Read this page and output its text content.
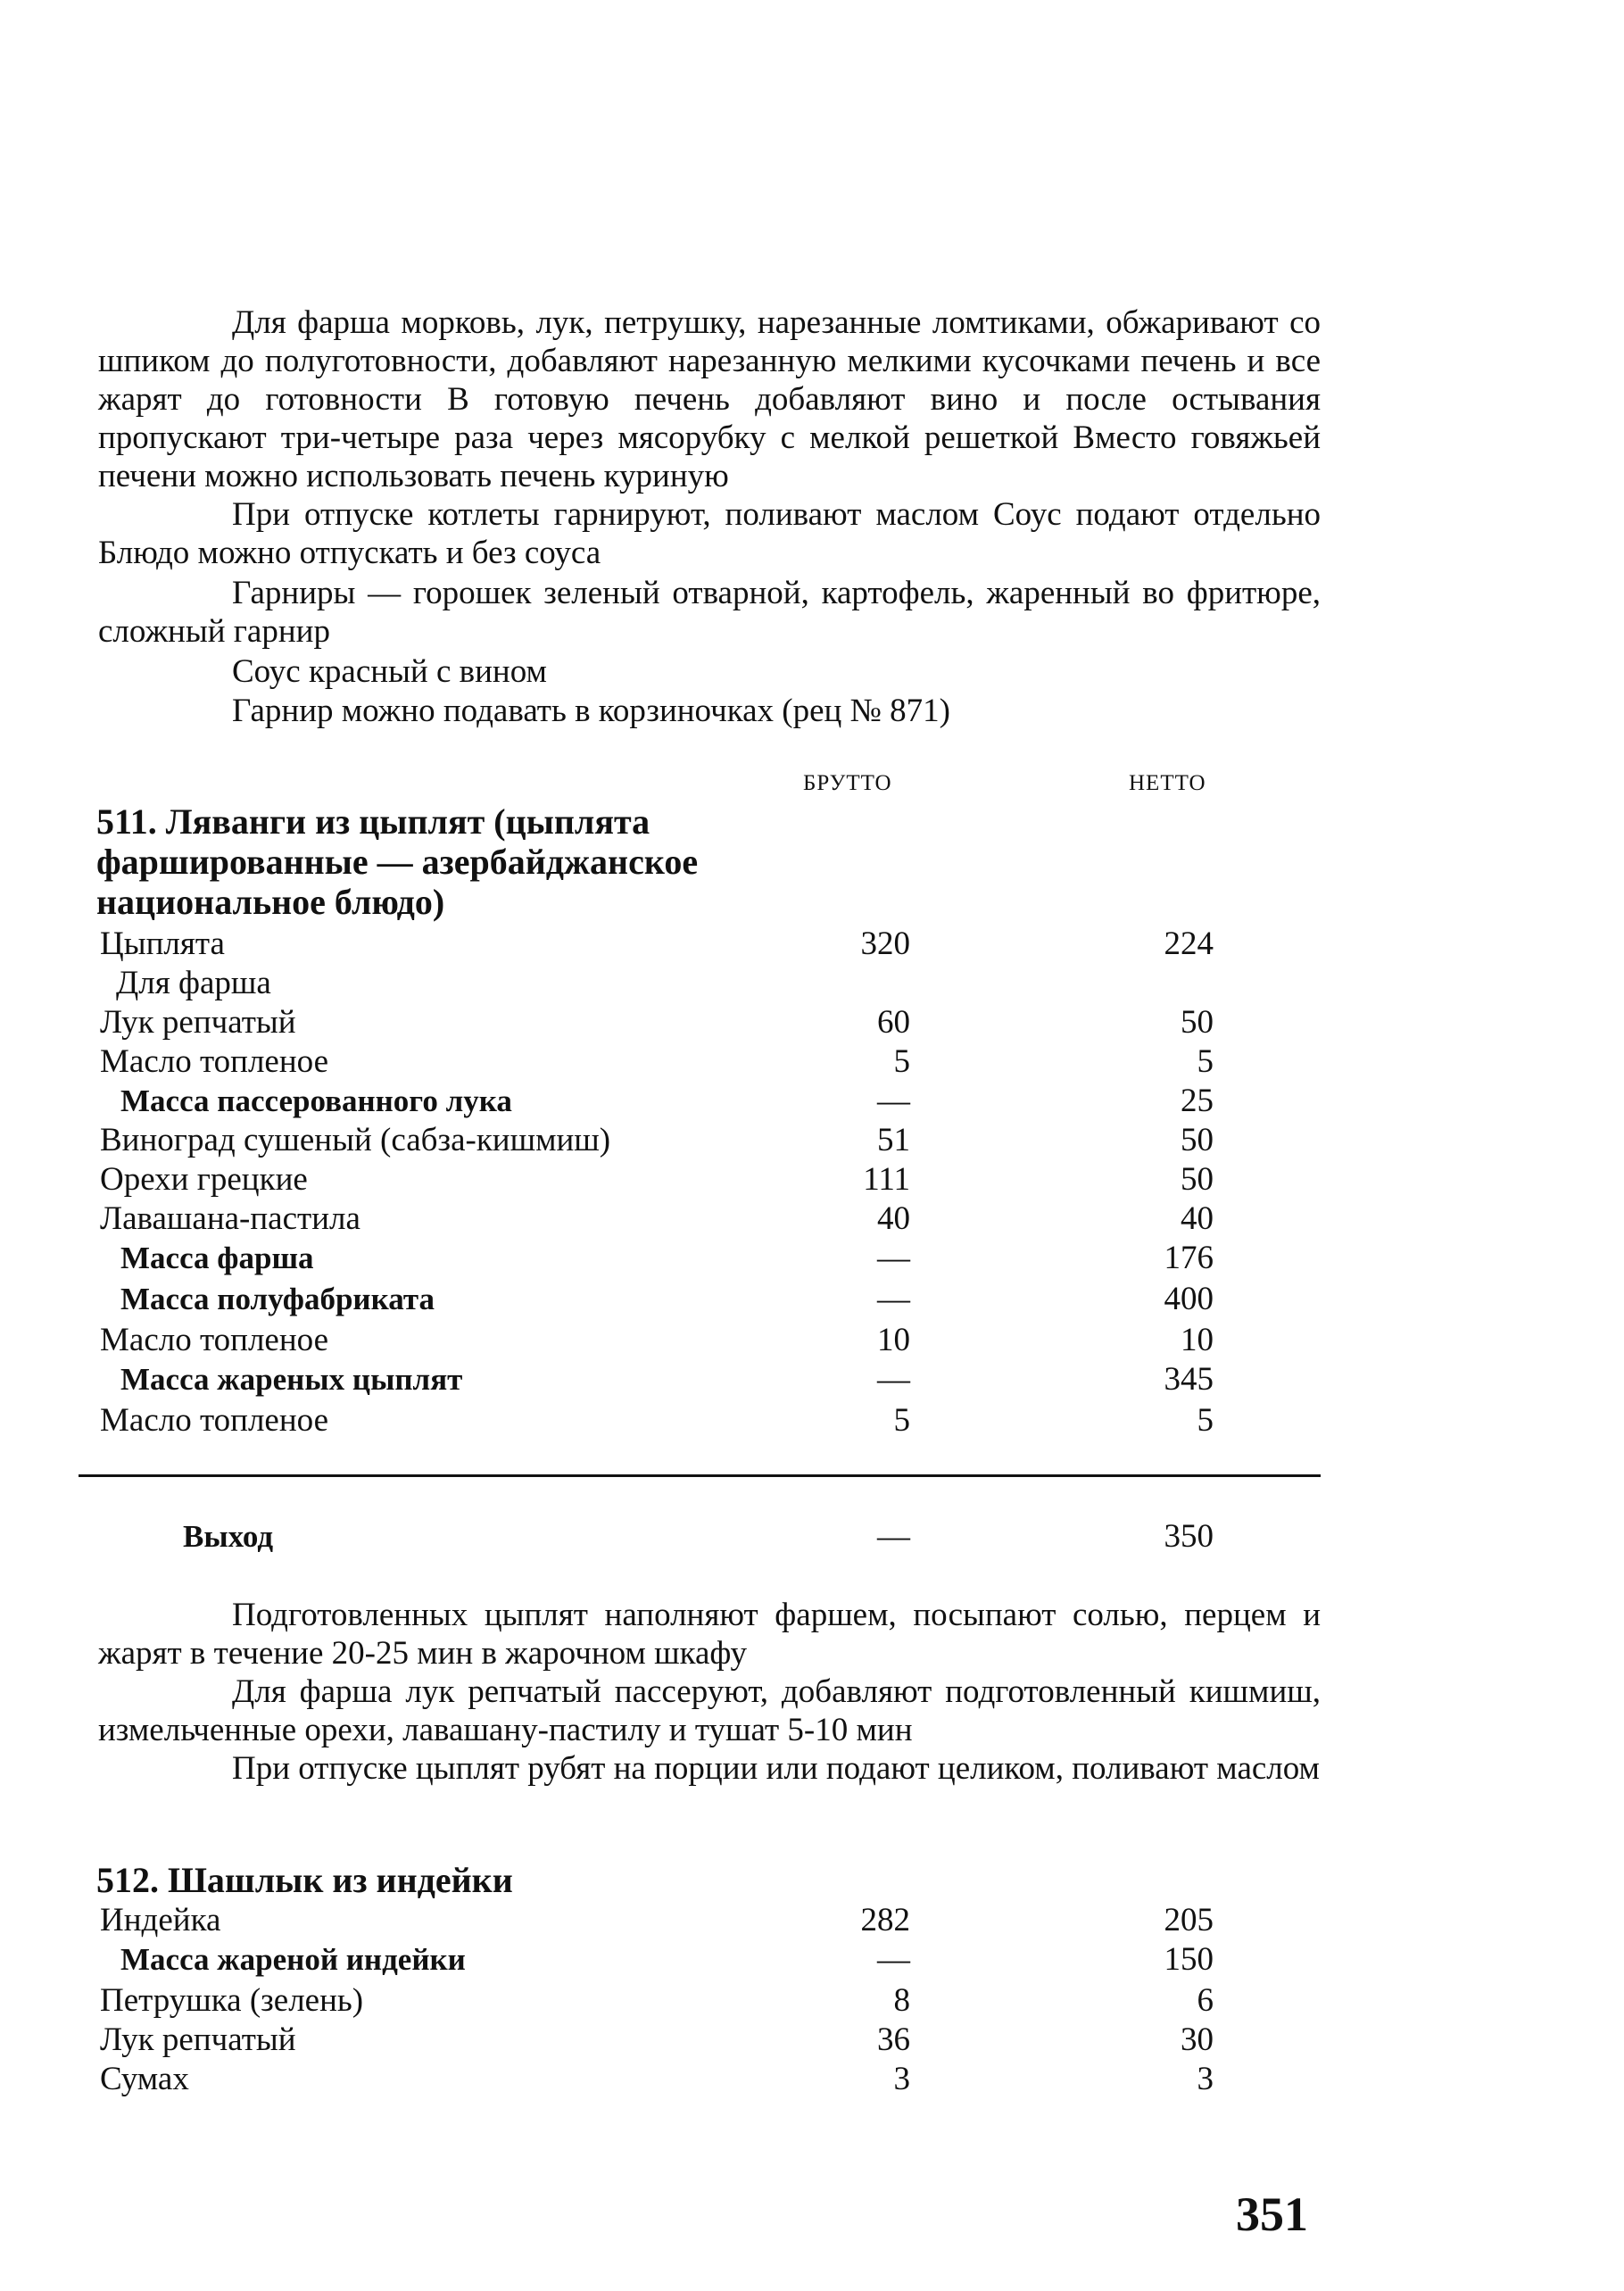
Для фарша морковь, лук, петрушку, нарезанные ломтиками, обжаривают со шпиком до полуготовности, добавляют нарезанную мелкими кусочками печень и все жарят до готовности В готовую печень добавляют вино и после остывания пропускают три-четыре раза через мясорубку с мелкой решеткой Вместо говяжьей печени можно использовать печень куриную

При отпуске котлеты гарнируют, поливают маслом Соус подают отдельно Блюдо можно отпускать и без соуса

Гарниры — горошек зеленый отварной, картофель, жаренный во фритюре, сложный гарнир

Соус красный с вином

Гарнир можно подавать в корзиночках (рец № 871)

БРУТТО	НЕТТО

511. Ляванги из цыплят (цыплята фаршированные — азербайджанское национальное блюдо)

Цыплята	320	224
Для фарша
Лук репчатый	60	50
Масло топленое	5	5
Масса пассерованного лука	—	25
Виноград сушеный (сабза-кишмиш)	51	50
Орехи грецкие	111	50
Лавашана-пастила	40	40
Масса фарша	—	176
Масса полуфабриката	—	400
Масло топленое	10	10
Масса жареных цыплят	—	345
Масло топленое	5	5
Выход	—	350

Подготовленных цыплят наполняют фаршем, посыпают солью, перцем и жарят в течение 20-25 мин в жарочном шкафу

Для фарша лук репчатый пассеруют, добавляют подготовленный кишмиш, измельченные орехи, лавашану-пастилу и тушат 5-10 мин

При отпуске цыплят рубят на порции или подают целиком, поливают маслом

512. Шашлык из индейки

Индейка	282	205
Масса жареной индейки	—	150
Петрушка (зелень)	8	6
Лук репчатый	36	30
Сумах	3	3
351
